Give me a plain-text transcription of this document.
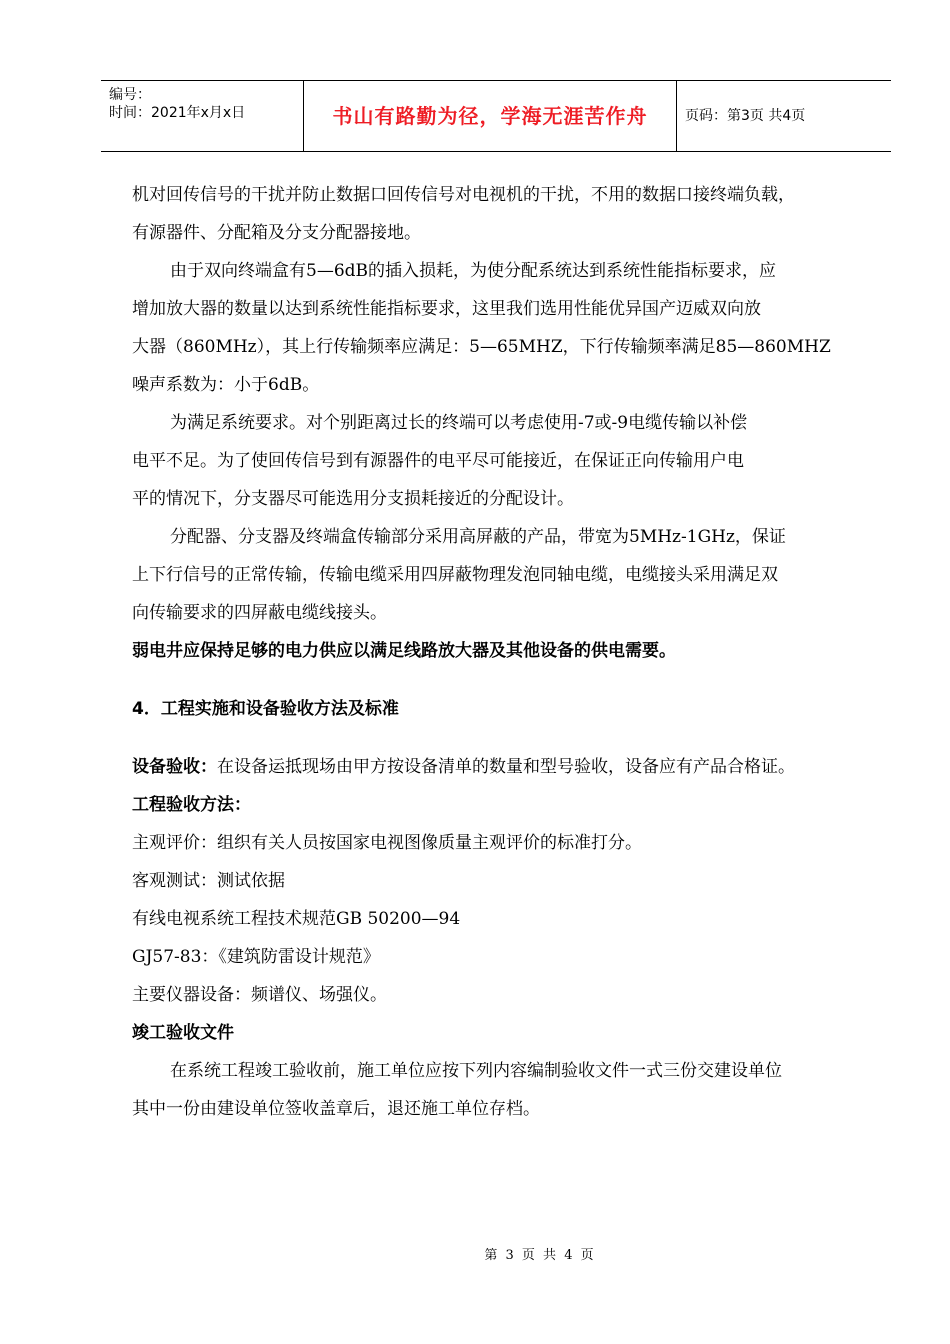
编号：
时间：2021年x月x日	书山有路勤为径，学海无涯苦作舟	页码：第3页 共4页

机对回传信号的干扰并防止数据口回传信号对电视机的干扰，不用的数据口接终端负载，

有源器件、分配箱及分支分配器接地。

由于双向终端盒有5—6dB的插入损耗，为使分配系统达到系统性能指标要求，应

增加放大器的数量以达到系统性能指标要求，这里我们选用性能优异国产迈威双向放

大器（860MHz），其上行传输频率应满足：5—65MHZ，下行传输频率满足85—860MHZ

噪声系数为：小于6dB。

为满足系统要求。对个别距离过长的终端可以考虑使用-7或-9电缆传输以补偿

电平不足。为了使回传信号到有源器件的电平尽可能接近，在保证正向传输用户电

平的情况下，分支器尽可能选用分支损耗接近的分配设计。

分配器、分支器及终端盒传输部分采用高屏蔽的产品，带宽为5MHz-1GHz，保证

上下行信号的正常传输，传输电缆采用四屏蔽物理发泡同轴电缆，电缆接头采用满足双

向传输要求的四屏蔽电缆线接头。

弱电井应保持足够的电力供应以满足线路放大器及其他设备的供电需要。

4．工程实施和设备验收方法及标准

设备验收：在设备运抵现场由甲方按设备清单的数量和型号验收，设备应有产品合格证。

工程验收方法：

主观评价：组织有关人员按国家电视图像质量主观评价的标准打分。

客观测试：测试依据

有线电视系统工程技术规范GB 50200—94

GJ57-83：《建筑防雷设计规范》

主要仪器设备：频谱仪、场强仪。

竣工验收文件

在系统工程竣工验收前，施工单位应按下列内容编制验收文件一式三份交建设单位

其中一份由建设单位签收盖章后，退还施工单位存档。

第 3 页 共 4 页
